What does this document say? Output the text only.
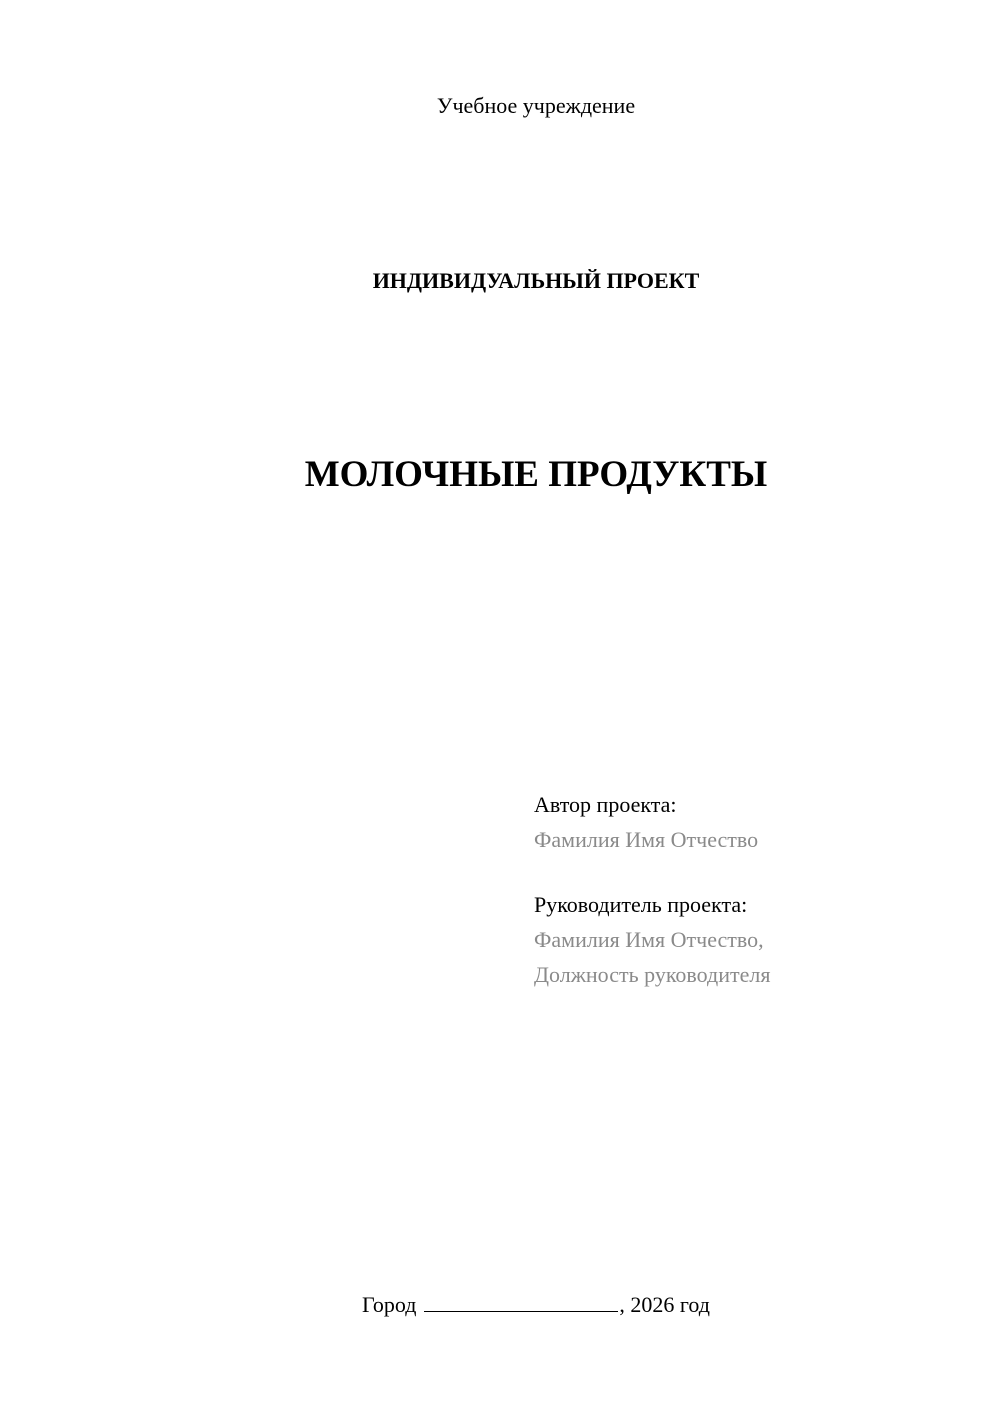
Учебное учреждение

ИНДИВИДУАЛЬНЫЙ ПРОЕКТ

МОЛОЧНЫЕ ПРОДУКТЫ
Автор проекта:
Фамилия Имя Отчество
Руководитель проекта:
Фамилия Имя Отчество,
Должность руководителя

Город	, 2026 год
